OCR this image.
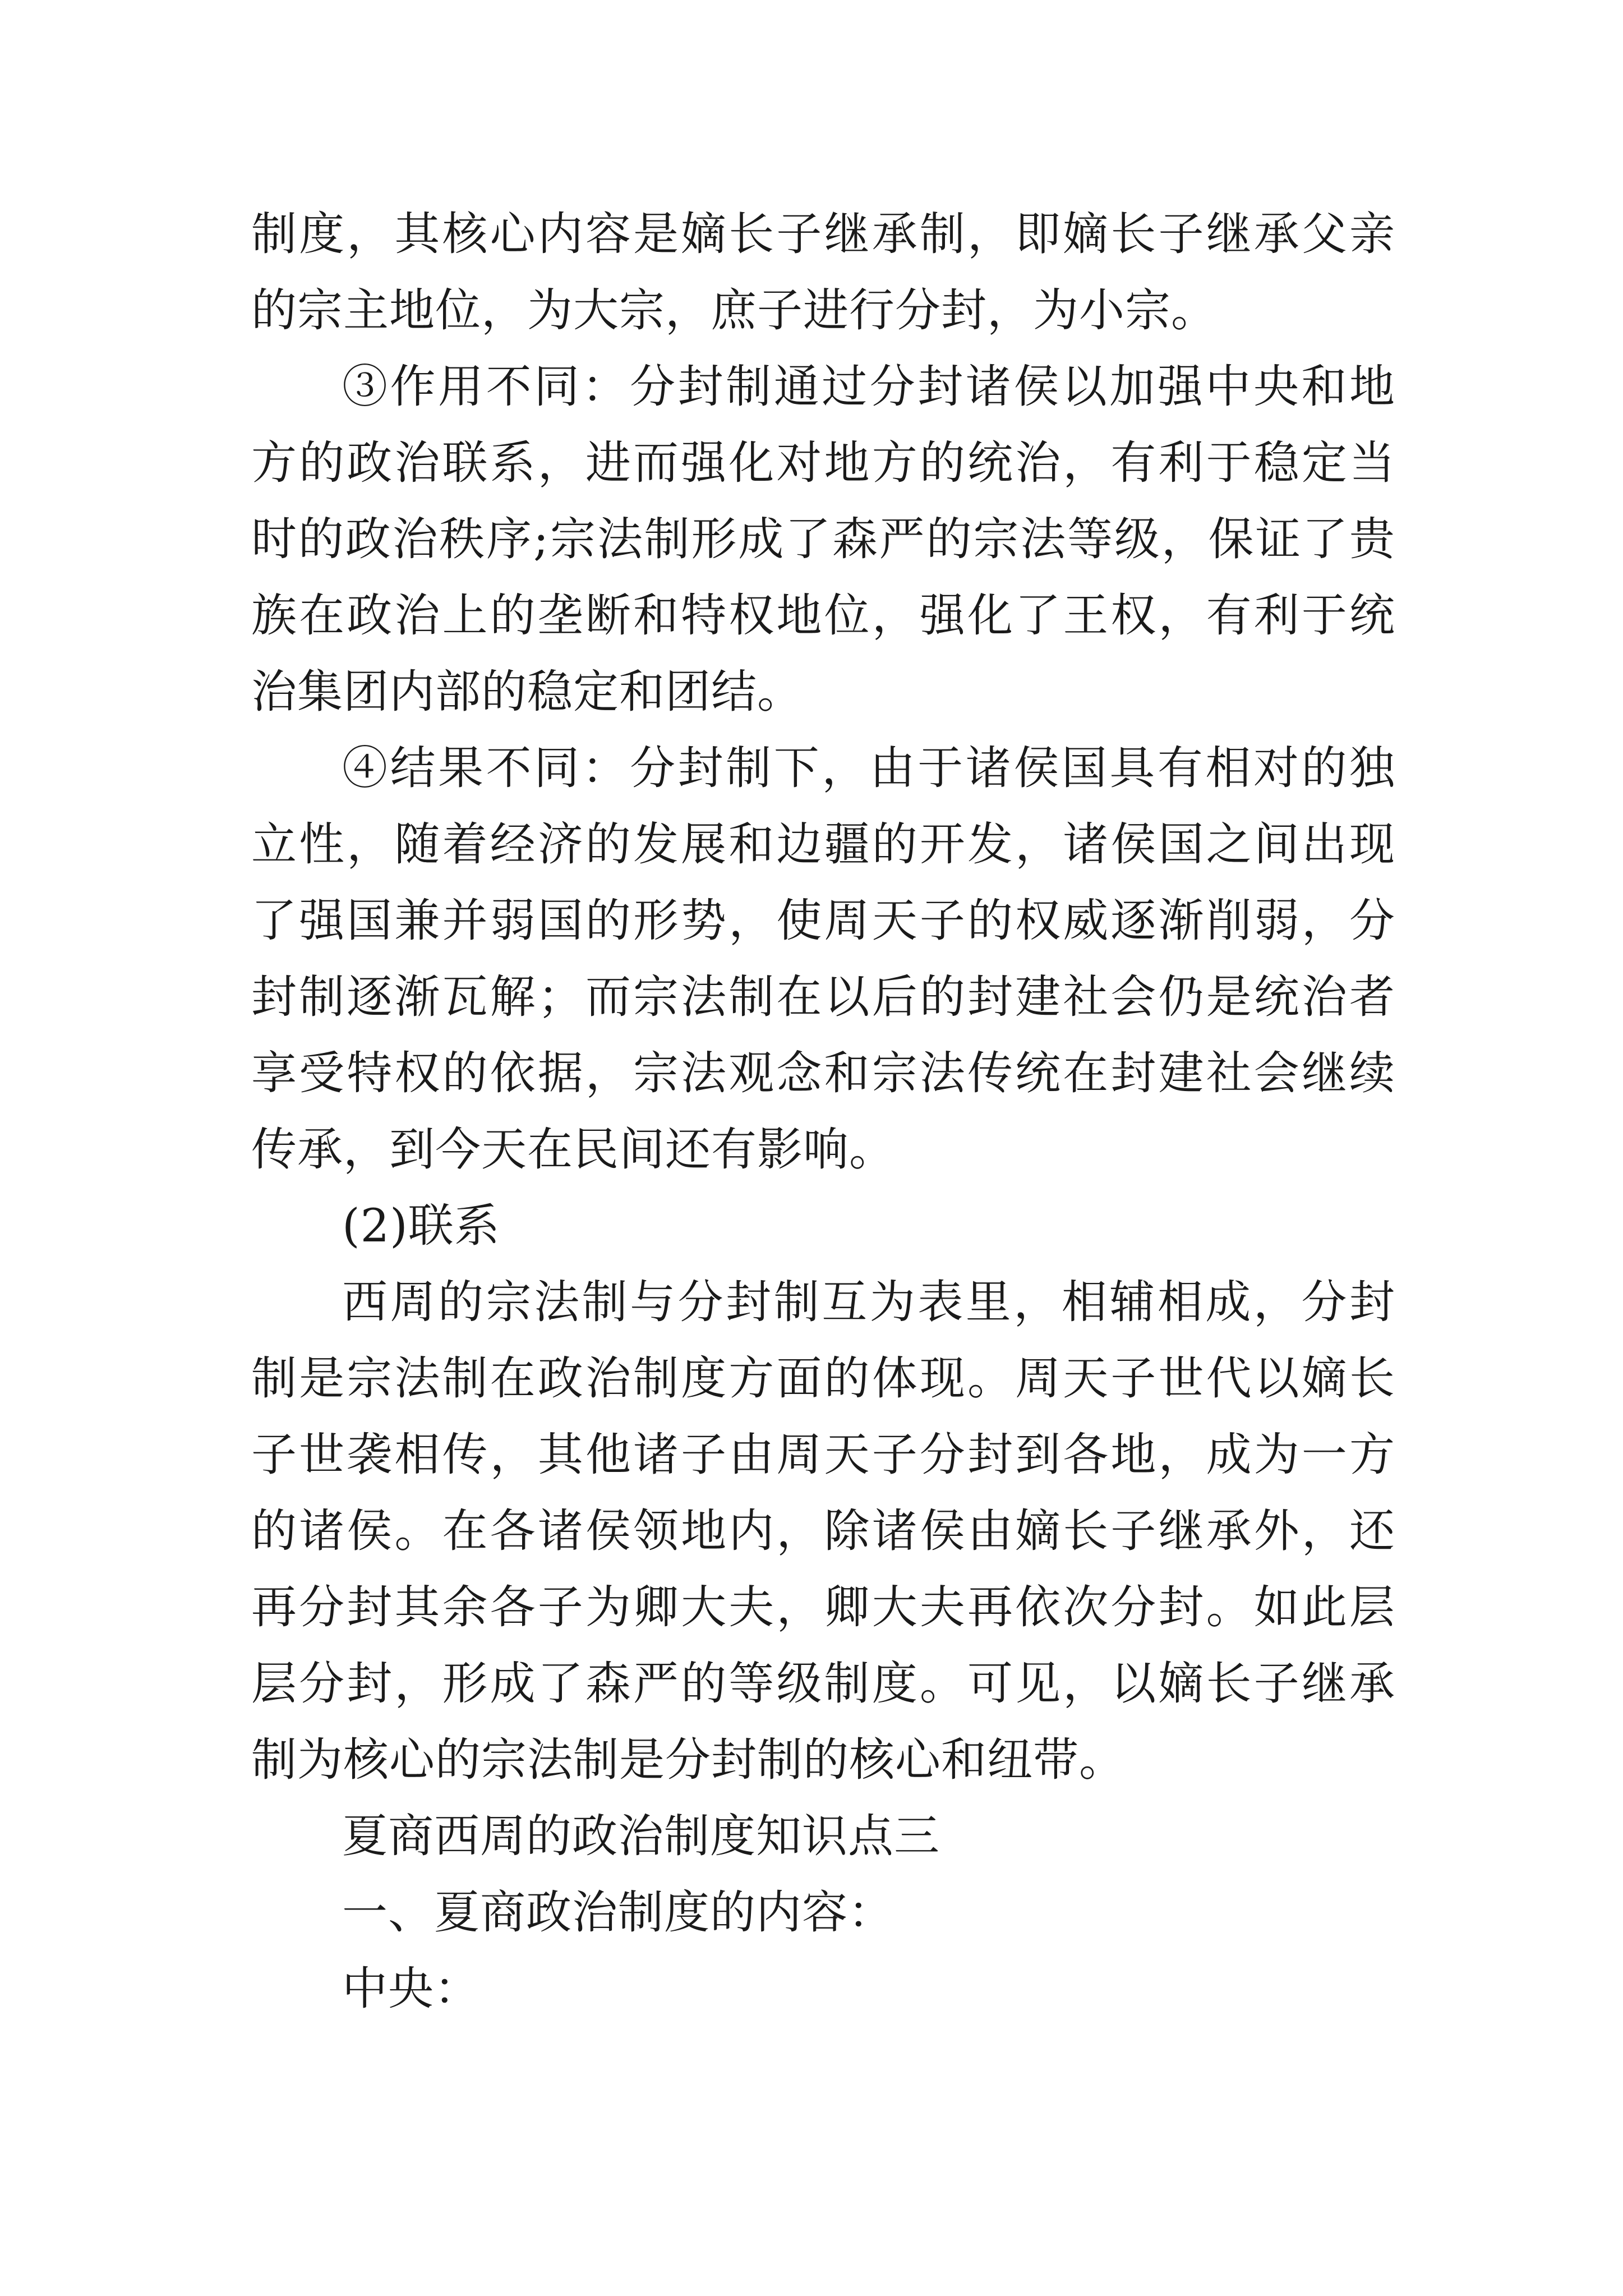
制度，其核心内容是嫡长子继承制，即嫡长子继承父亲的宗主地位，为大宗，庶子进行分封，为小宗。

③作用不同：分封制通过分封诸侯以加强中央和地方的政治联系，进而强化对地方的统治，有利于稳定当时的政治秩序;宗法制形成了森严的宗法等级，保证了贵族在政治上的垄断和特权地位，强化了王权，有利于统治集团内部的稳定和团结。

④结果不同：分封制下，由于诸侯国具有相对的独立性，随着经济的发展和边疆的开发，诸侯国之间出现了强国兼并弱国的形势，使周天子的权威逐渐削弱，分封制逐渐瓦解；而宗法制在以后的封建社会仍是统治者享受特权的依据，宗法观念和宗法传统在封建社会继续传承，到今天在民间还有影响。

(2)联系

西周的宗法制与分封制互为表里，相辅相成，分封制是宗法制在政治制度方面的体现。周天子世代以嫡长子世袭相传，其他诸子由周天子分封到各地，成为一方的诸侯。在各诸侯领地内，除诸侯由嫡长子继承外，还再分封其余各子为卿大夫，卿大夫再依次分封。如此层层分封，形成了森严的等级制度。可见，以嫡长子继承制为核心的宗法制是分封制的核心和纽带。

夏商西周的政治制度知识点三

一、夏商政治制度的内容：

中央：
